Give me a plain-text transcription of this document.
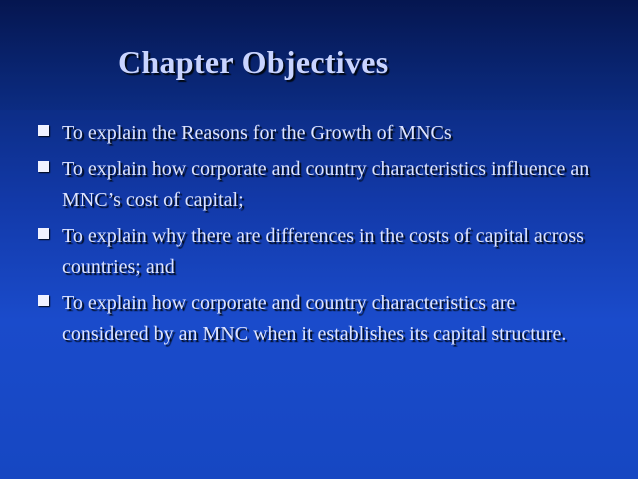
Chapter Objectives
To explain the Reasons for the Growth of MNCs
To explain how corporate and country characteristics influence an MNC’s cost of capital;
To explain why there are differences in the costs of capital across countries; and
To explain how corporate and country characteristics are considered by an MNC when it establishes its capital structure.
